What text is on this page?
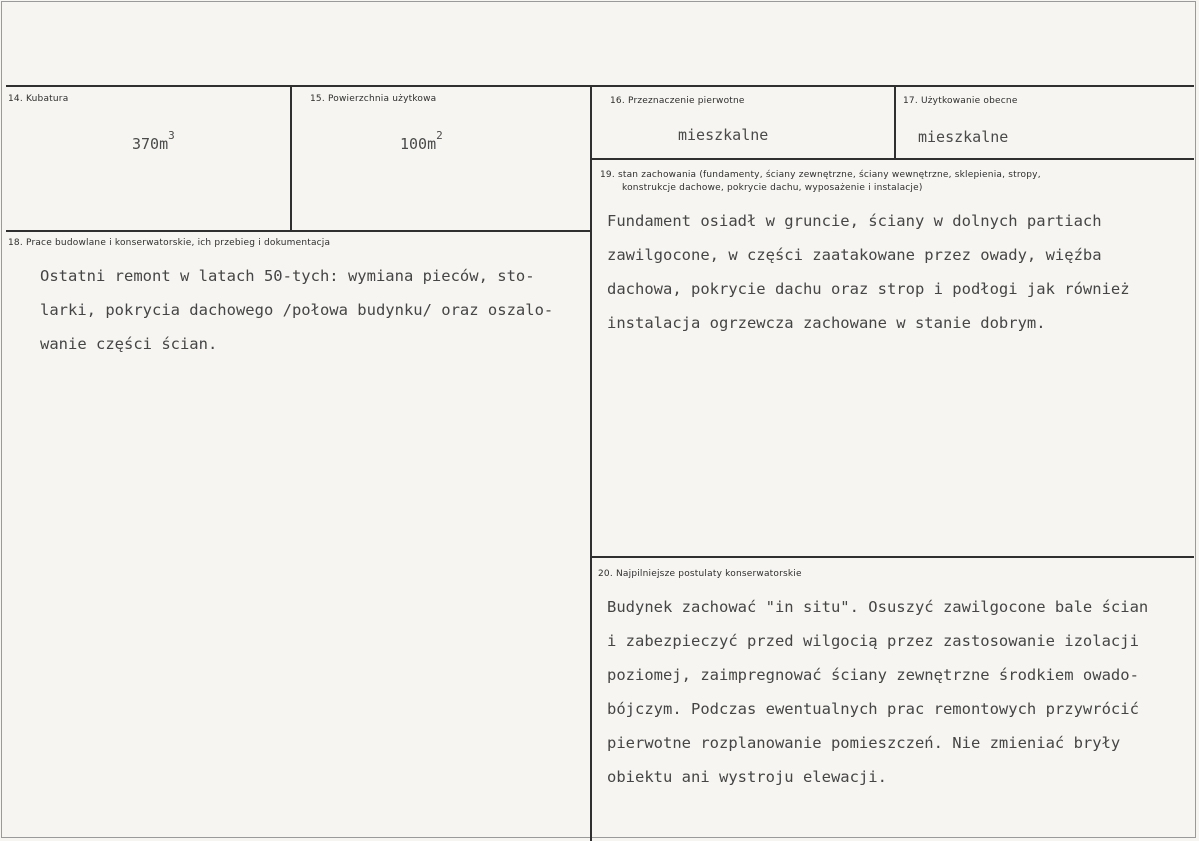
14. Kubatura
$370m^3$
15. Powierzchnia użytkowa
$100m^2$
16. Przeznaczenie pierwotne
mieszkalne
17. Użytkowanie obecne
mieszkalne
18. Prace budowlane i konserwatorskie, ich przebieg i dokumentacja
Ostatni remont w latach 50-tych: wymiana pieców, sto-
larki, pokrycia dachowego /połowa budynku/ oraz oszalo-
wanie części ścian.
19. stan zachowania (fundamenty, ściany zewnętrzne, ściany wewnętrzne, sklepienia, stropy,
konstrukcje dachowe, pokrycie dachu, wyposażenie i instalacje)
Fundament osiadł w gruncie, ściany w dolnych partiach
zawilgocone, w części zaatakowane przez owady, więźba
dachowa, pokrycie dachu oraz strop i podłogi jak również
instalacja ogrzewcza zachowane w stanie dobrym.
20. Najpilniejsze postulaty konserwatorskie
Budynek zachować "in situ". Osuszyć zawilgocone bale ścian
i zabezpieczyć przed wilgocią przez zastosowanie izolacji
poziomej, zaimpregnować ściany zewnętrzne środkiem owado-
bójczym. Podczas ewentualnych prac remontowych przywrócić
pierwotne rozplanowanie pomieszczeń. Nie zmieniać bryły
obiektu ani wystroju elewacji.
